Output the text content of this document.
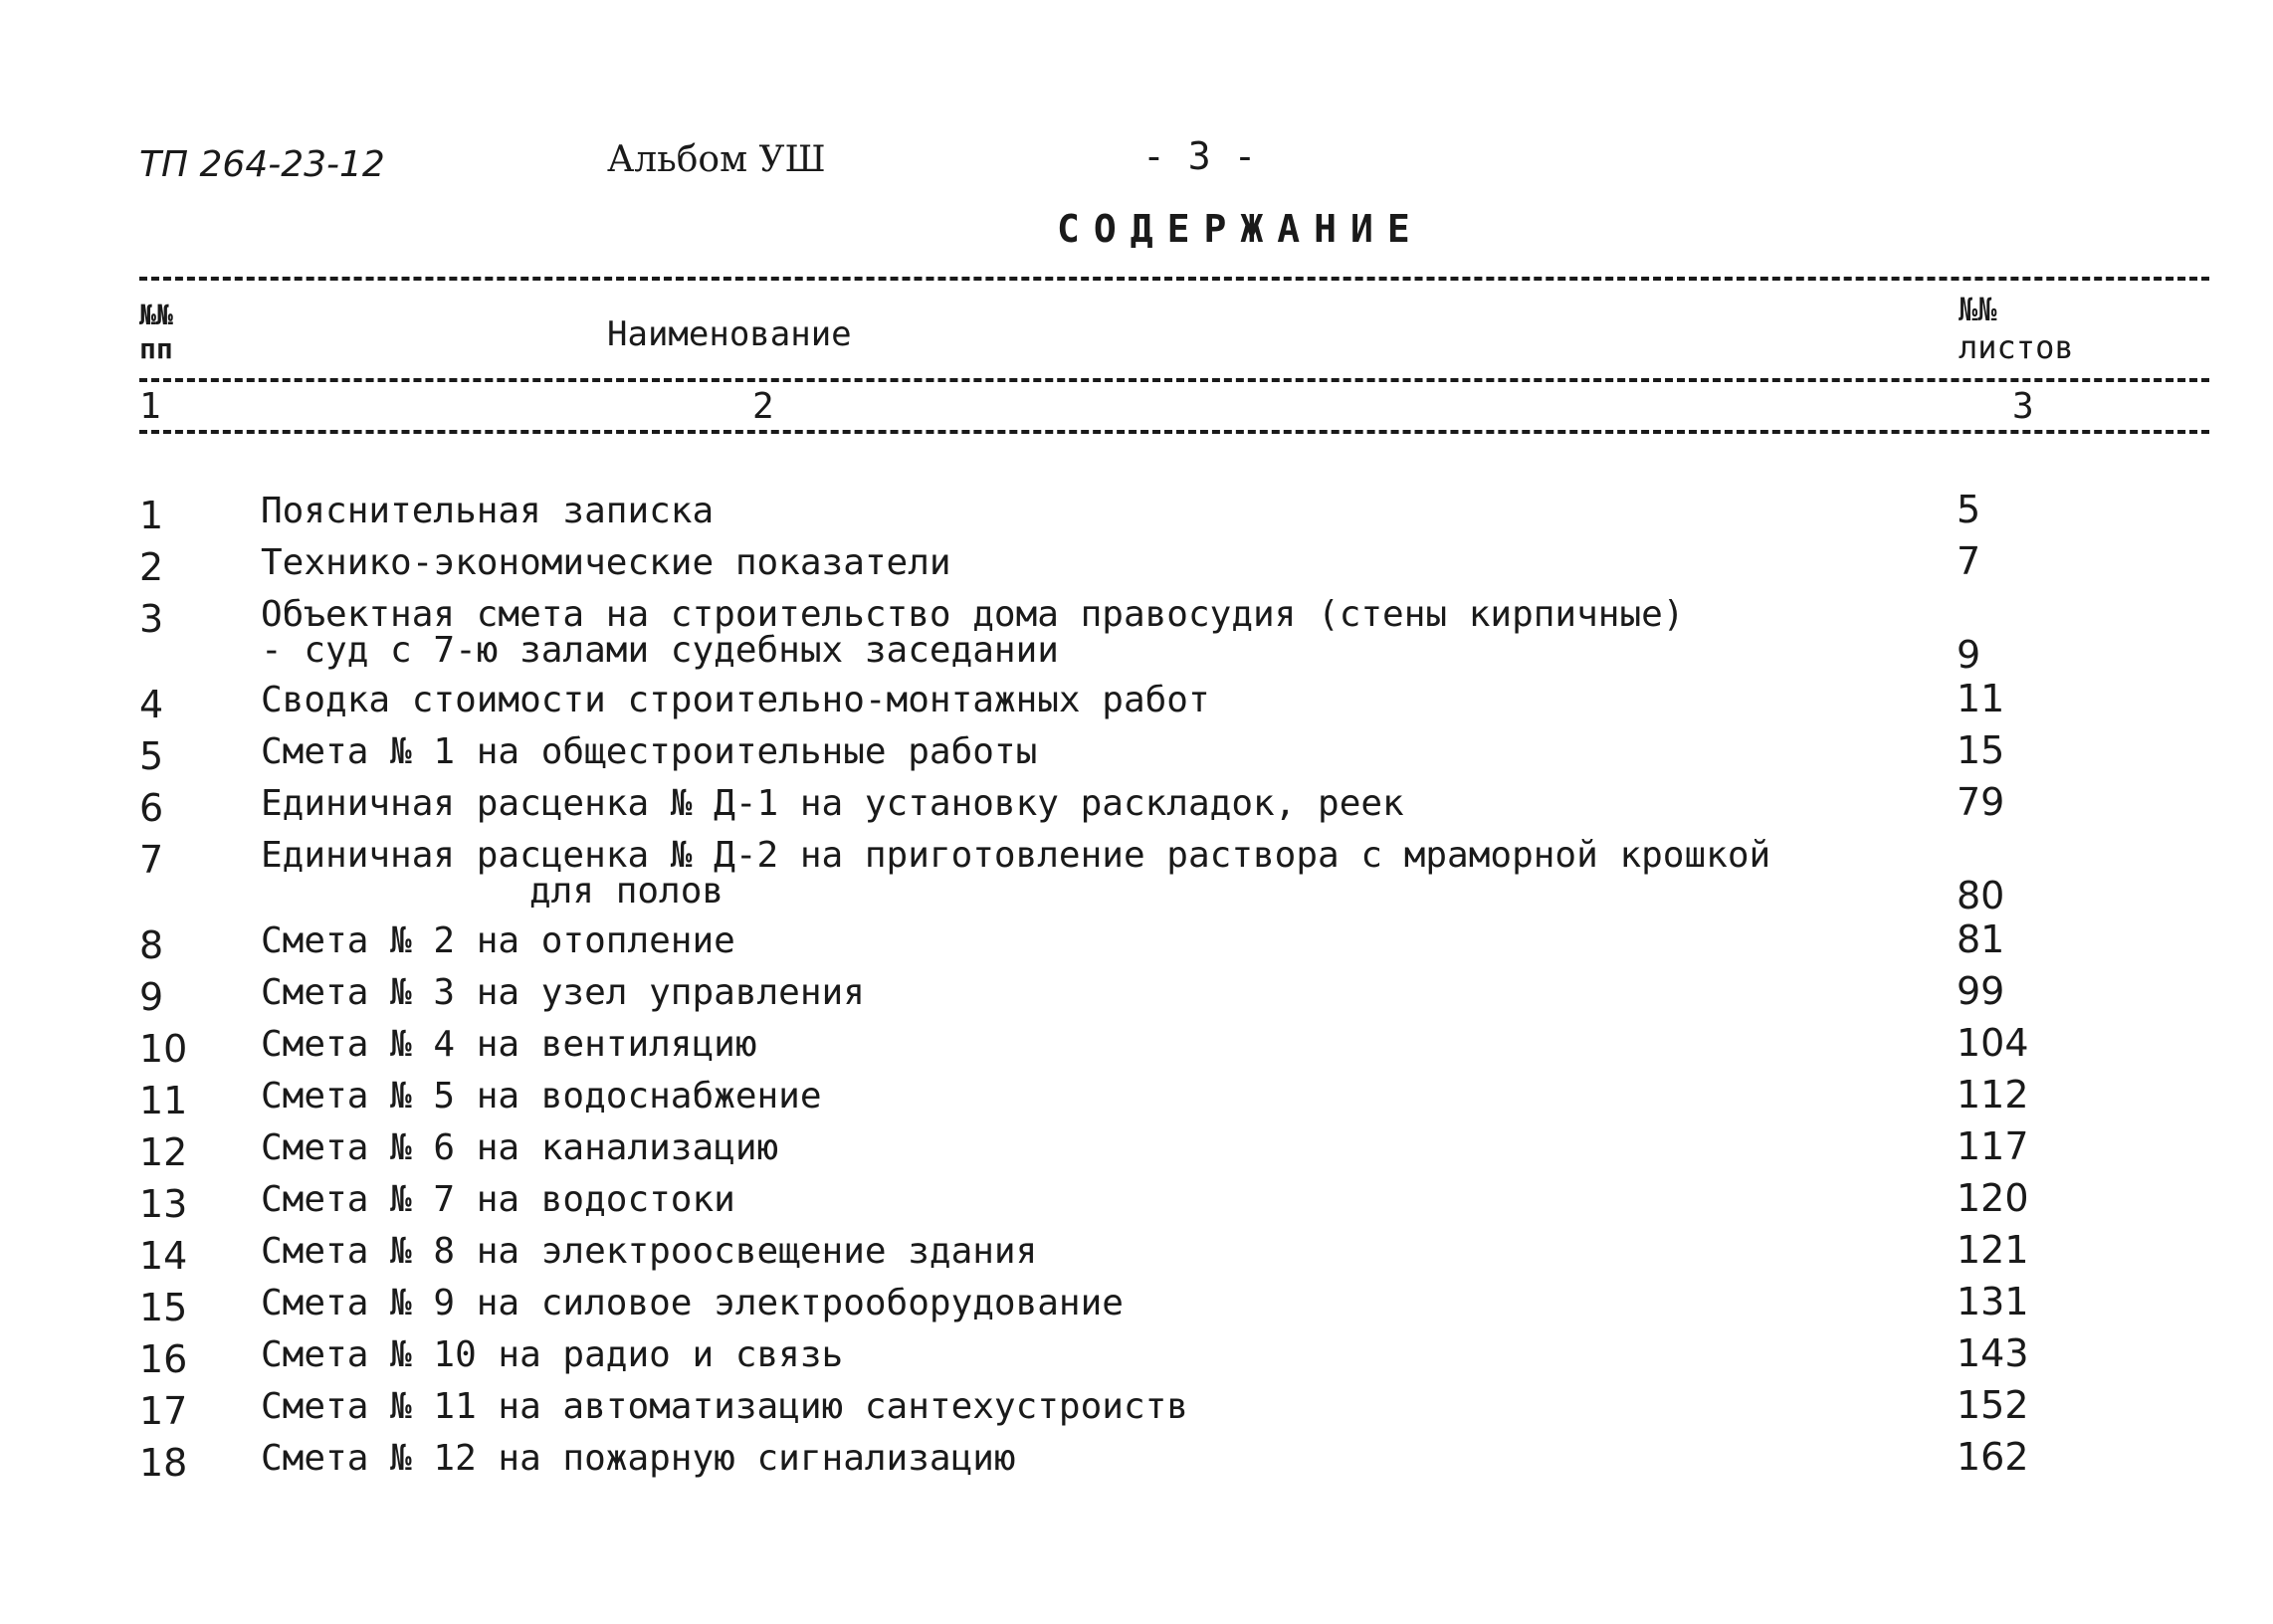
ТП 264-23-12	Альбом УШ	- 3 -
СОДЕРЖАНИЕ
№№
пп	Наименование
№№
листов
1	2	3
1	Пояснительная записка	5
2	Технико-экономические показатели	7
3	Объектная смета на строительство дома правосудия (стены кирпичные)
- суд с 7-ю залами судебных заседании	9
4	Сводка стоимости строительно-монтажных работ	11
5	Смета № 1 на общестроительные работы	15
6	Единичная расценка № Д-1 на установку раскладок, реек	79
7	Единичная расценка № Д-2 на приготовление раствора с мраморной крошкой
для полов	80
8	Смета № 2 на отопление	81
9	Смета № 3 на узел управления	99
10 Смета № 4 на вентиляцию	104
11 Смета № 5 на водоснабжение	112
12 Смета № 6 на канализацию	117
13 Смета № 7 на водостоки	120
14 Смета № 8 на электроосвещение здания	121
15 Смета № 9 на силовое электрооборудование	131
16 Смета № 10 на радио и связь	143
17 Смета № 11 на автоматизацию сантехустроиств	152
18 Смета № 12 на пожарную сигнализацию	162
